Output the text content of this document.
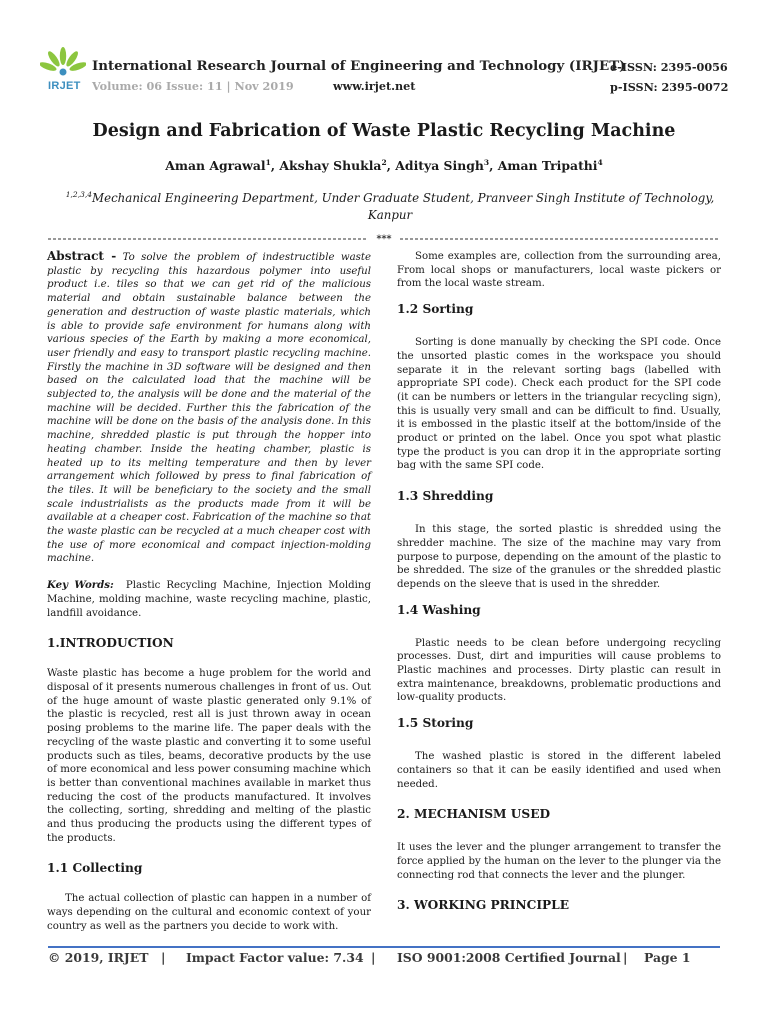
IRJET
International Research Journal of Engineering and Technology (IRJET)
Volume: 06 Issue: 11 | Nov 2019	www.irjet.net
e-ISSN: 2395-0056
p-ISSN: 2395-0072
Design and Fabrication of Waste Plastic Recycling Machine
Aman Agrawal$^1$, Akshay Shukla$^2$, Aditya Singh$^3$, Aman Tripathi$^4$
$^{1,2,3,4}$Mechanical Engineering Department, Under Graduate Student, Pranveer Singh Institute of Technology, Kanpur
***

Abstract - To solve the problem of indestructible waste plastic by recycling this hazardous polymer into useful product i.e. tiles so that we can get rid of the malicious material and obtain sustainable balance between the generation and destruction of waste plastic materials, which is able to provide safe environment for humans along with various species of the Earth by making a more economical, user friendly and easy to transport plastic recycling machine. Firstly the machine in 3D software will be designed and then based on the calculated load that the machine will be subjected to, the analysis will be done and the material of the machine will be decided. Further this the fabrication of the machine will be done on the basis of the analysis done. In this machine, shredded plastic is put through the hopper into heating chamber. Inside the heating chamber, plastic is heated up to its melting temperature and then by lever arrangement which followed by press to final fabrication of the tiles. It will be beneficiary to the society and the small scale industrialists as the products made from it will be available at a cheaper cost. Fabrication of the machine so that the waste plastic can be recycled at a much cheaper cost with the use of more economical and compact injection-molding machine.

Key Words: Plastic Recycling Machine, Injection Molding Machine, molding machine, waste recycling machine, plastic, landfill avoidance.

1.INTRODUCTION

Waste plastic has become a huge problem for the world and disposal of it presents numerous challenges in front of us. Out of the huge amount of waste plastic generated only 9.1% of the plastic is recycled, rest all is just thrown away in ocean posing problems to the marine life. The paper deals with the recycling of the waste plastic and converting it to some useful products such as tiles, beams, decorative products by the use of more economical and less power consuming machine which is better than conventional machines available in market thus reducing the cost of the products manufactured. It involves the collecting, sorting, shredding and melting of the plastic and thus producing the products using the different types of the products.

1.1 Collecting

The actual collection of plastic can happen in a number of ways depending on the cultural and economic context of your country as well as the partners you decide to work with.

Some examples are, collection from the surrounding area, From local shops or manufacturers, local waste pickers or from the local waste stream.

1.2 Sorting

Sorting is done manually by checking the SPI code. Once the unsorted plastic comes in the workspace you should separate it in the relevant sorting bags (labelled with appropriate SPI code). Check each product for the SPI code (it can be numbers or letters in the triangular recycling sign), this is usually very small and can be difficult to find. Usually, it is embossed in the plastic itself at the bottom/inside of the product or printed on the label. Once you spot what plastic type the product is you can drop it in the appropriate sorting bag with the same SPI code.

1.3 Shredding

In this stage, the sorted plastic is shredded using the shredder machine. The size of the machine may vary from purpose to purpose, depending on the amount of the plastic to be shredded. The size of the granules or the shredded plastic depends on the sleeve that is used in the shredder.

1.4 Washing

Plastic needs to be clean before undergoing recycling processes. Dust, dirt and impurities will cause problems to Plastic machines and processes. Dirty plastic can result in extra maintenance, breakdowns, problematic productions and low-quality products.

1.5 Storing

The washed plastic is stored in the different labeled containers so that it can be easily identified and used when needed.

2. MECHANISM USED

It uses the lever and the plunger arrangement to transfer the force applied by the human on the lever to the plunger via the connecting rod that connects the lever and the plunger.

3. WORKING PRINCIPLE
© 2019, IRJET | Impact Factor value: 7.34 | ISO 9001:2008 Certified Journal | Page 1
